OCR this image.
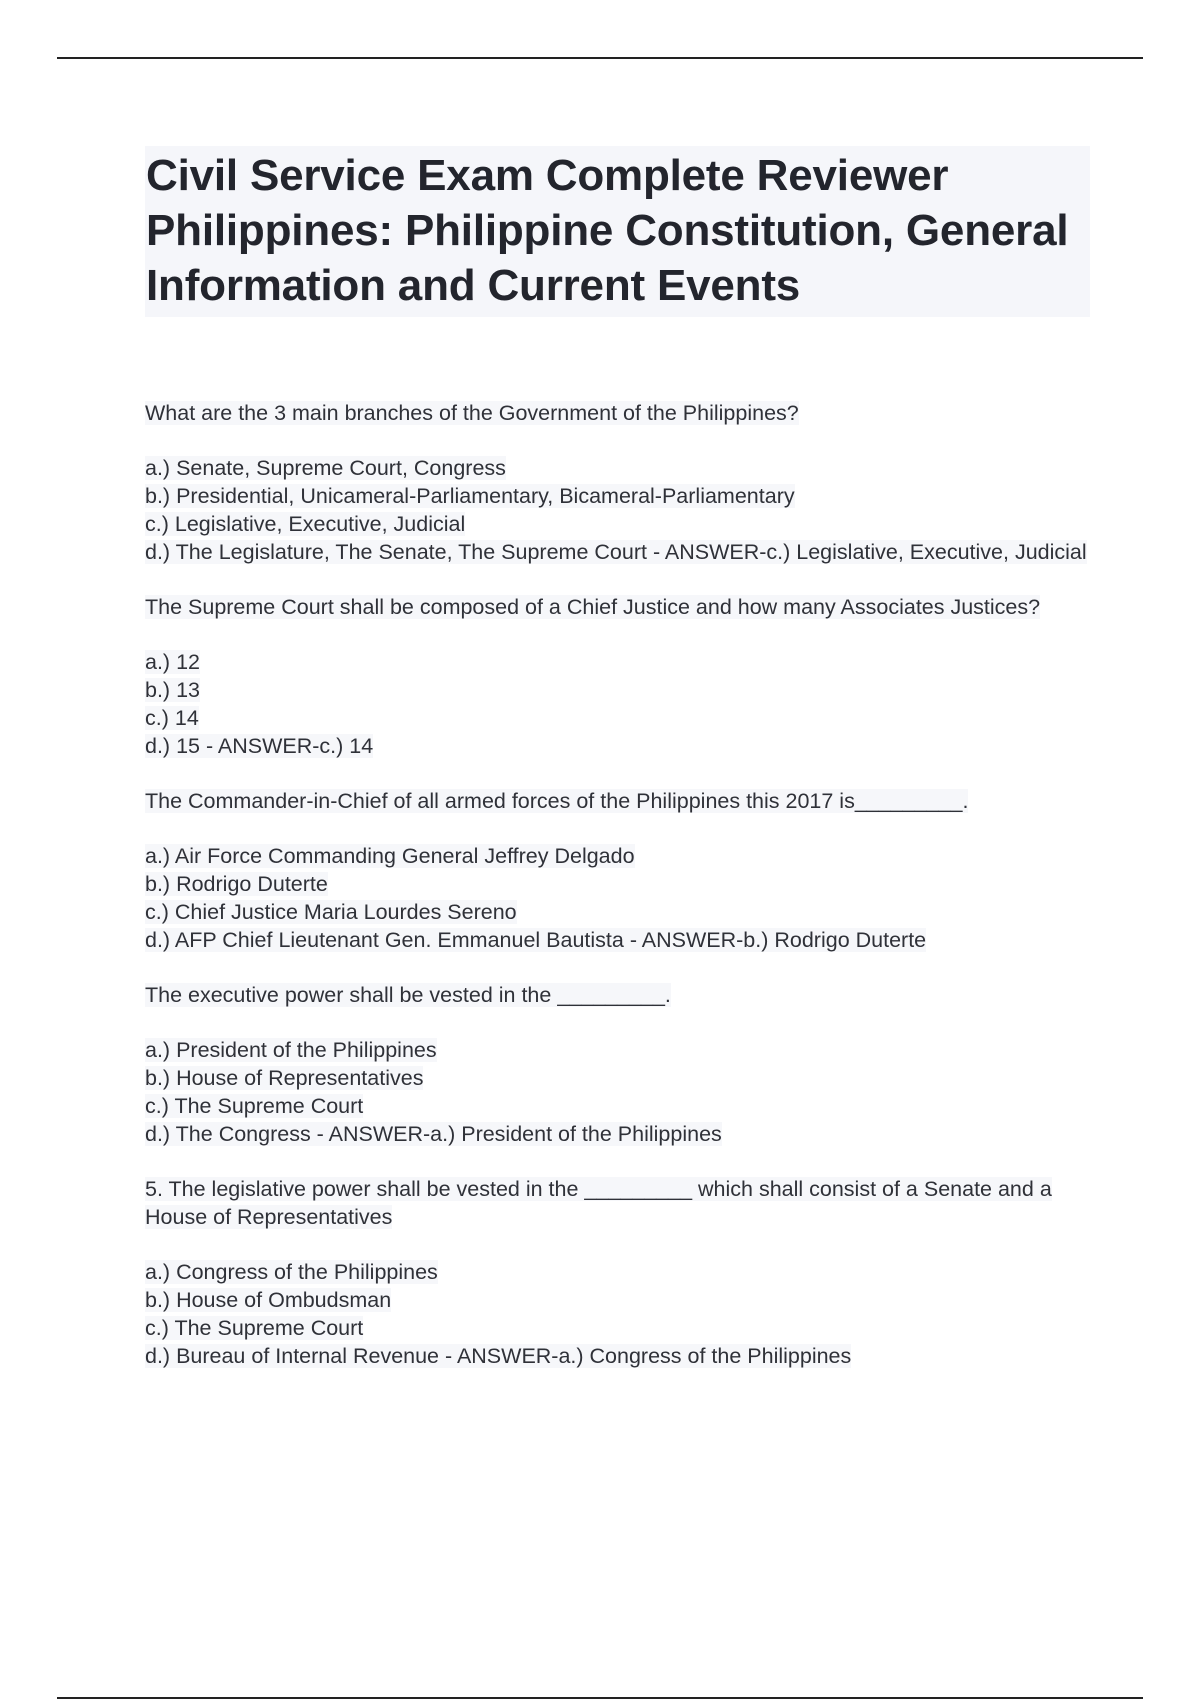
Civil Service Exam Complete Reviewer Philippines: Philippine Constitution, General Information and Current Events

What are the 3 main branches of the Government of the Philippines?

a.) Senate, Supreme Court, Congress
b.) Presidential, Unicameral-Parliamentary, Bicameral-Parliamentary
c.) Legislative, Executive, Judicial
d.) The Legislature, The Senate, The Supreme Court - ANSWER-c.) Legislative, Executive, Judicial

The Supreme Court shall be composed of a Chief Justice and how many Associates Justices?

a.) 12
b.) 13
c.) 14
d.) 15 - ANSWER-c.) 14

The Commander-in-Chief of all armed forces of the Philippines this 2017 is_________.

a.) Air Force Commanding General Jeffrey Delgado
b.) Rodrigo Duterte
c.) Chief Justice Maria Lourdes Sereno
d.) AFP Chief Lieutenant Gen. Emmanuel Bautista - ANSWER-b.) Rodrigo Duterte

The executive power shall be vested in the _________.

a.) President of the Philippines
b.) House of Representatives
c.) The Supreme Court
d.) The Congress - ANSWER-a.) President of the Philippines

5. The legislative power shall be vested in the _________ which shall consist of a Senate and a House of Representatives

a.) Congress of the Philippines
b.) House of Ombudsman
c.) The Supreme Court
d.) Bureau of Internal Revenue - ANSWER-a.) Congress of the Philippines
